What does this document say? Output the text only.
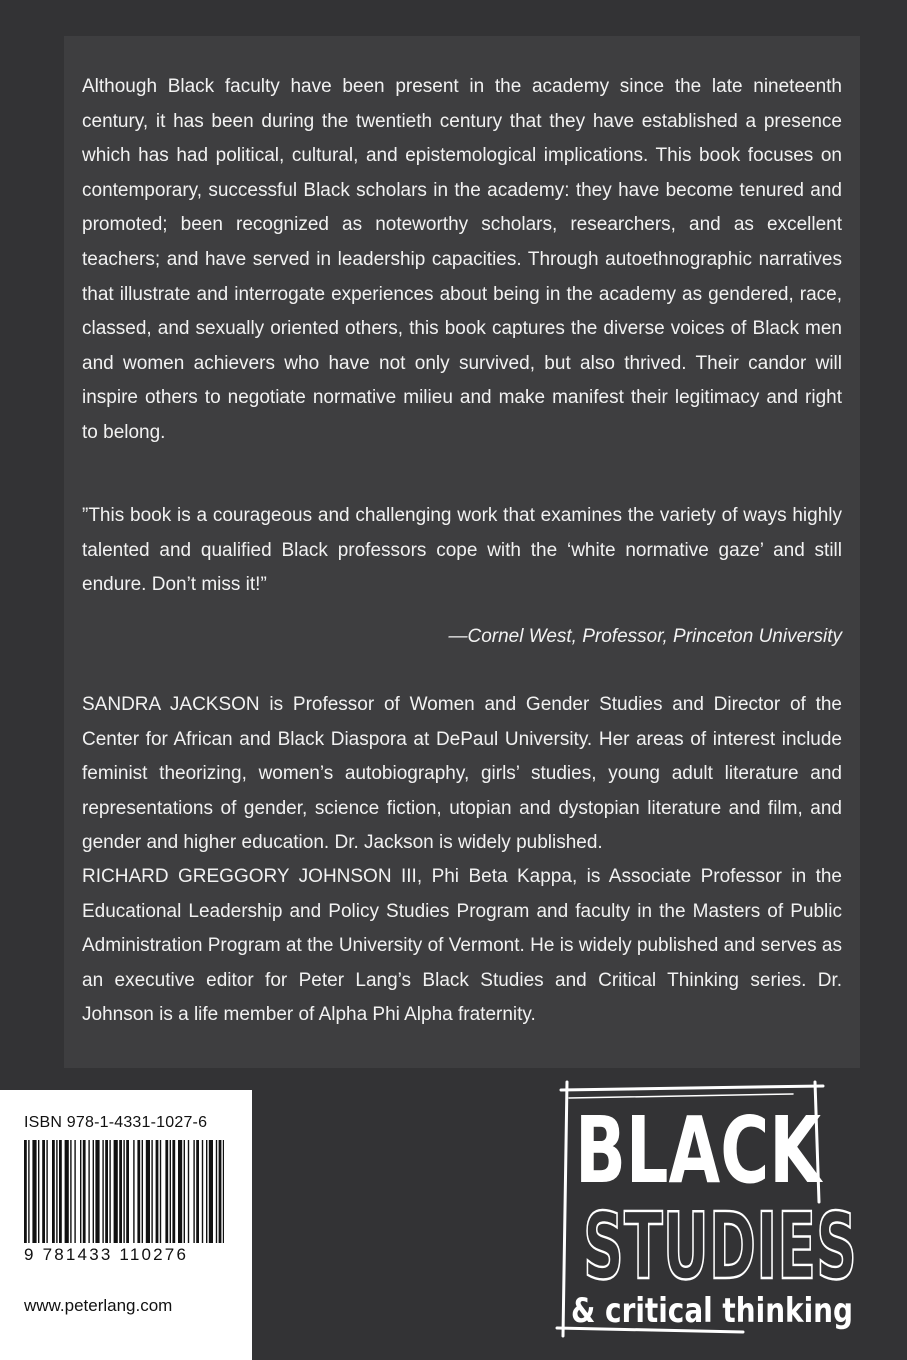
Although Black faculty have been present in the academy since the late nineteenth century, it has been during the twentieth century that they have established a presence which has had political, cultural, and epistemological implications. This book focuses on contemporary, successful Black scholars in the academy: they have become tenured and promoted; been recognized as noteworthy scholars, researchers, and as excellent teachers; and have served in leadership capacities. Through autoethnographic narratives that illustrate and interrogate experiences about being in the academy as gendered, race, classed, and sexually oriented others, this book captures the diverse voices of Black men and women achievers who have not only survived, but also thrived. Their candor will inspire others to negotiate normative milieu and make manifest their legitimacy and right to belong.

”This book is a courageous and challenging work that examines the variety of ways highly talented and qualified Black professors cope with the ‘white normative gaze’ and still endure. Don’t miss it!”

—Cornel West, Professor, Princeton University

SANDRA JACKSON is Professor of Women and Gender Studies and Director of the Center for African and Black Diaspora at DePaul University. Her areas of interest include feminist theorizing, women’s autobiography, girls’ studies, young adult literature and representations of gender, science fiction, utopian and dystopian literature and film, and gender and higher education. Dr. Jackson is widely published.

RICHARD GREGGORY JOHNSON III, Phi Beta Kappa, is Associate Professor in the Educational Leadership and Policy Studies Program and faculty in the Masters of Public Administration Program at the University of Vermont. He is widely published and serves as an executive editor for Peter Lang’s Black Studies and Critical Thinking series. Dr. Johnson is a life member of Alpha Phi Alpha fraternity.

ISBN 978-1-4331-1027-6
9 781433 110276
www.peterlang.com
BLACK
STUDIES
& critical thinking
